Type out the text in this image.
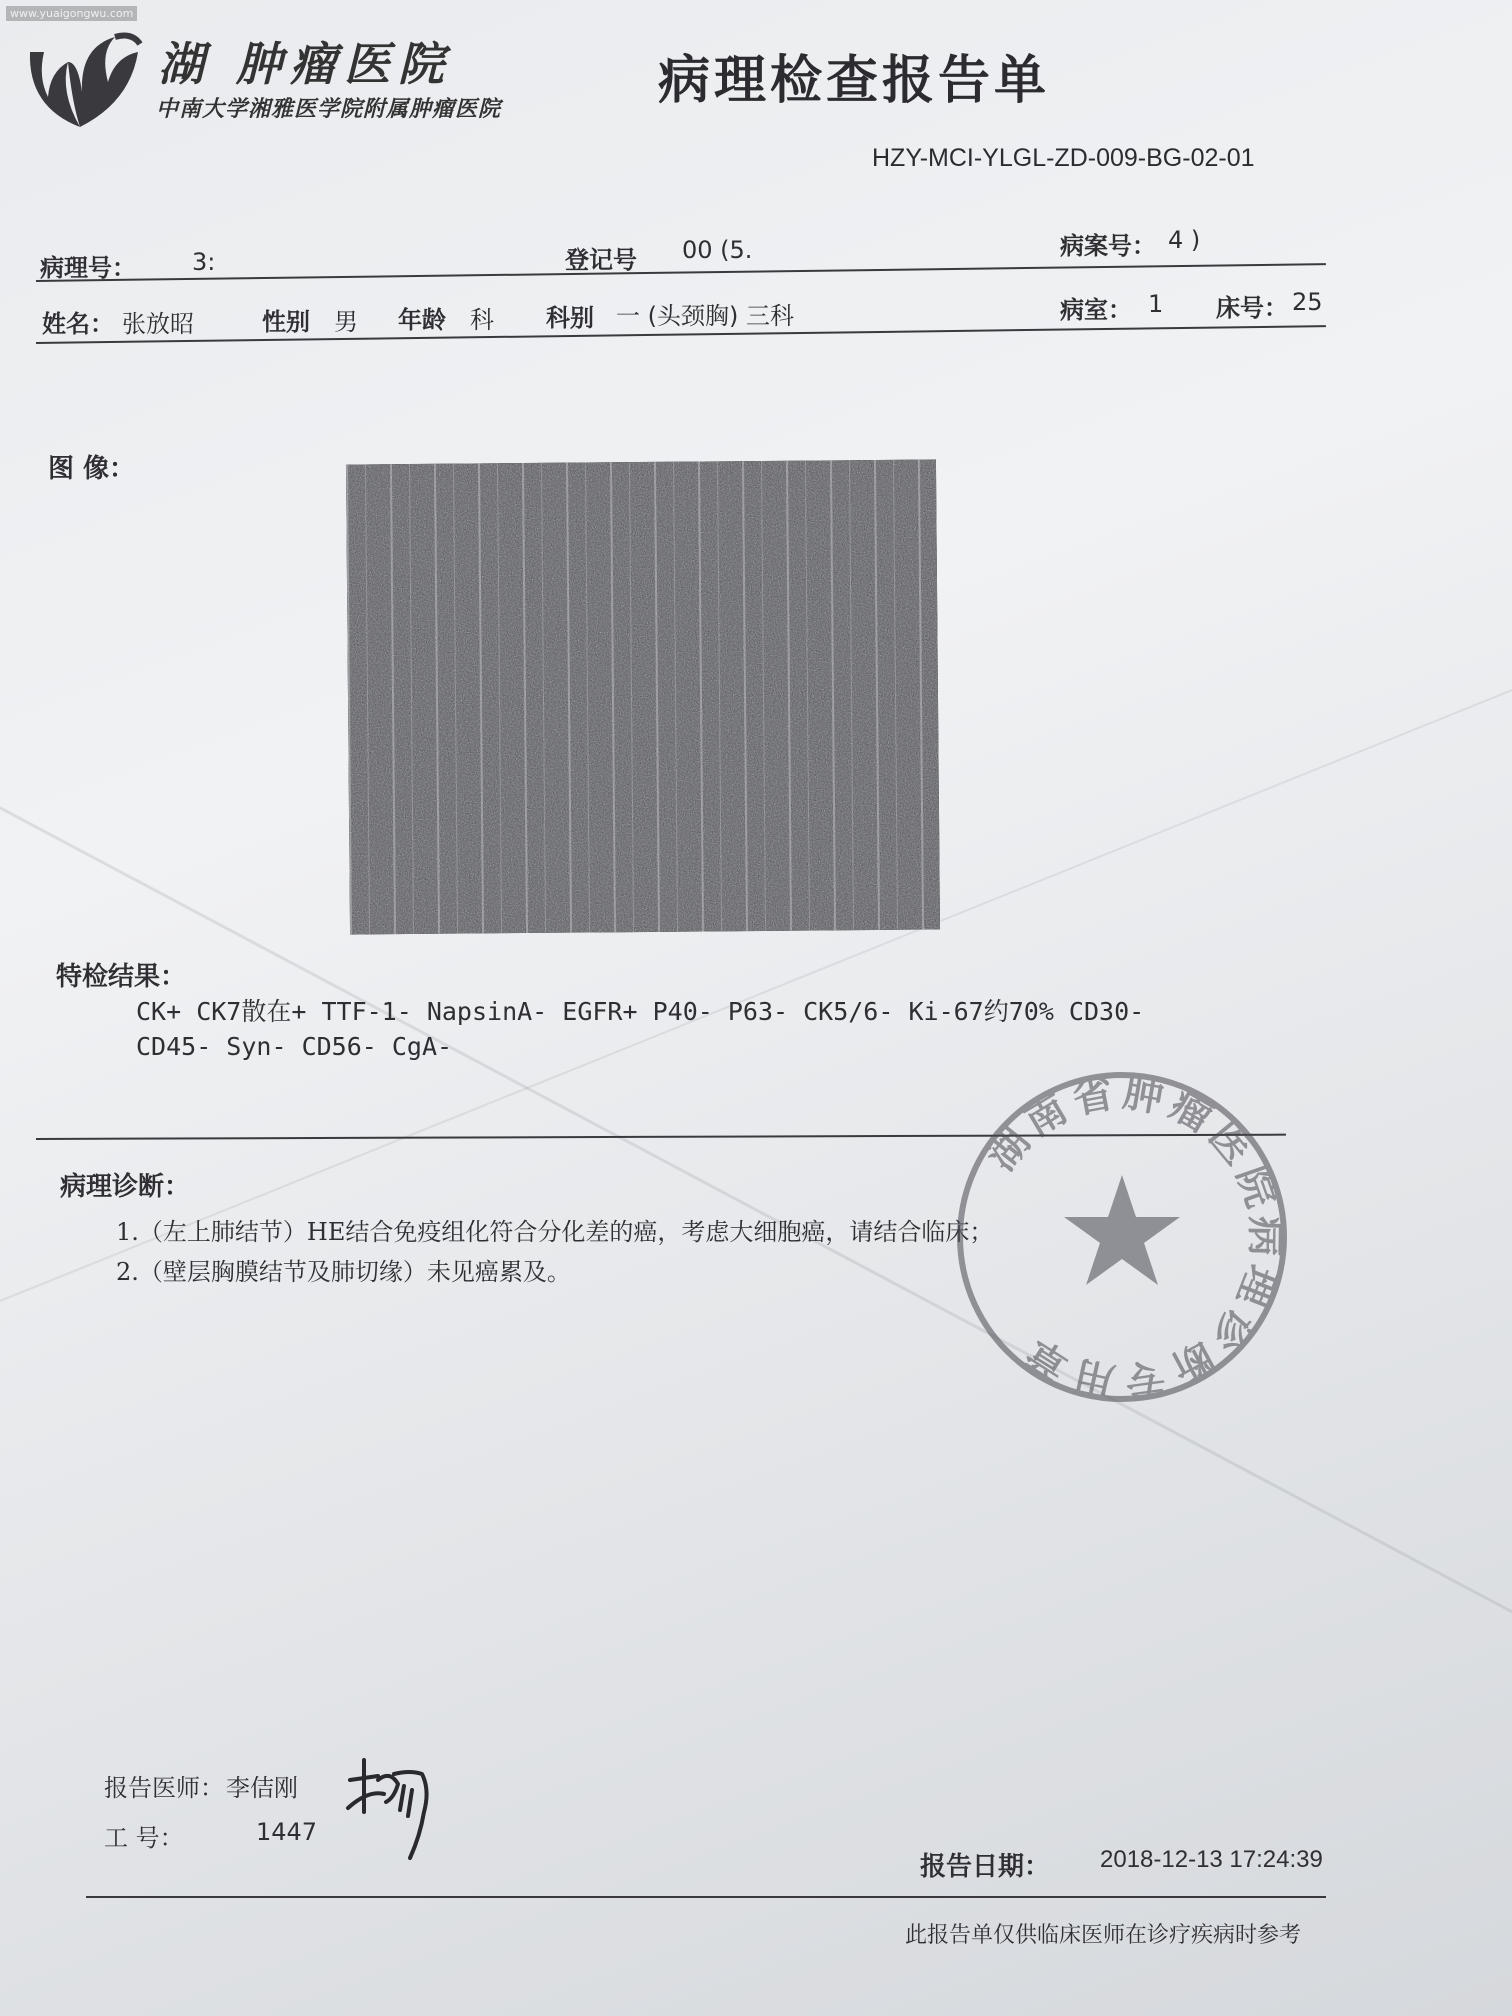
www.yuaigongwu.com
湖 肿瘤医院
中南大学湘雅医学院附属肿瘤医院	病理检查报告单
HZY-MCI-YLGL-ZD-009-BG-02-01
病理号： 3:	登记号 00 (5.	病案号： 4 )
姓名： 张放昭	性别 男 年龄 科 科别 一 (头颈胸) 三科	病室： 1 床号： 25
图 像：
特检结果：
CK+ CK7散在+ TTF-1- NapsinA- EGFR+ P40- P63- CK5/6- Ki-67约70% CD30-
CD45- Syn- CD56- CgA-
病理诊断：
1.（左上肺结节）HE结合免疫组化符合分化差的癌，考虑大细胞癌，请结合临床；
2.（壁层胸膜结节及肺切缘）未见癌累及。
湖南省肿瘤医院病理诊断专用章
报告医师： 李佶刚
工 号：	1447
报告日期： 2018-12-13 17:24:39
此报告单仅供临床医师在诊疗疾病时参考
